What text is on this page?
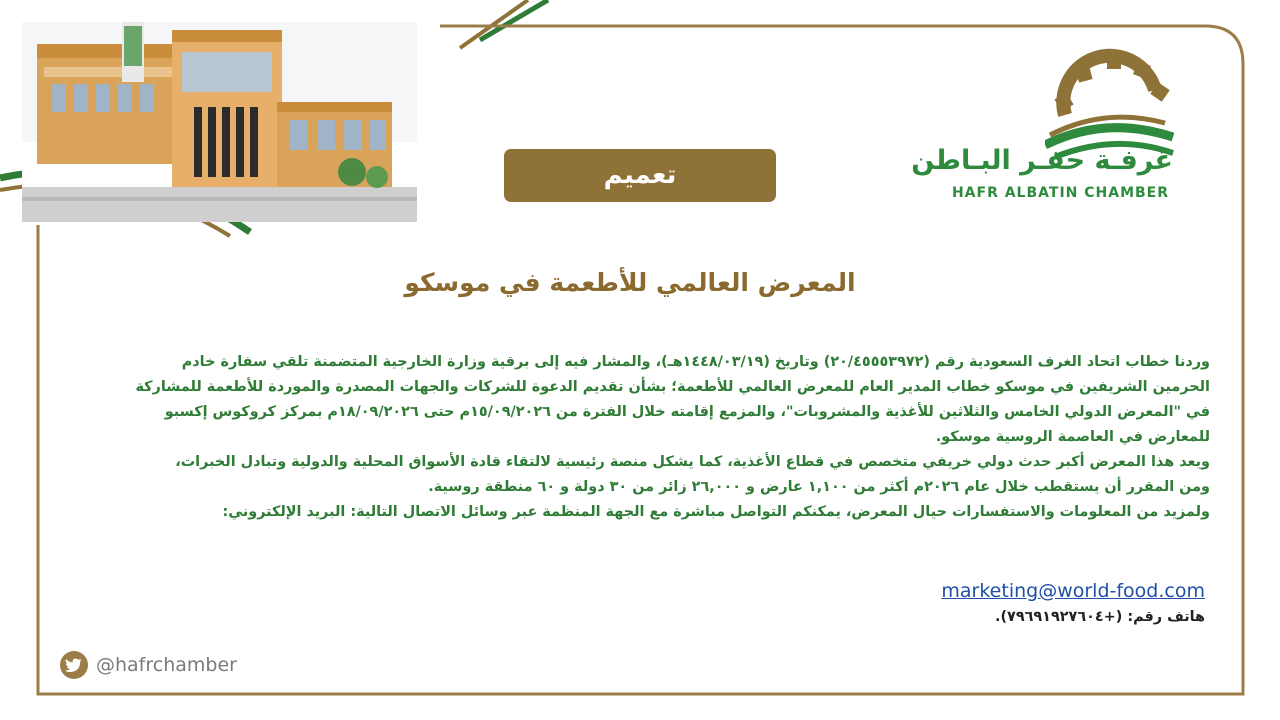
غرفـة حفـر البـاطن
HAFR ALBATIN CHAMBER
تعميم
المعرض العالمي للأطعمة في موسكو
وردنا خطاب اتحاد الغرف السعودية رقم (٢٠/٤٥٥٥٣٩٧٢) وتاريخ (١٤٤٨/٠٣/١٩هـ)، والمشار فيه إلى برقية وزارة الخارجية المتضمنة تلقي سفارة خادم
الحرمين الشريفين في موسكو خطاب المدير العام للمعرض العالمي للأطعمة؛ بشأن تقديم الدعوة للشركات والجهات المصدرة والموردة للأطعمة للمشاركة
في "المعرض الدولي الخامس والثلاثين للأغذية والمشروبات"، والمزمع إقامته خلال الفترة من ١٥/٠٩/٢٠٢٦م حتى ١٨/٠٩/٢٠٢٦م بمركز كروكوس إكسبو
للمعارض في العاصمة الروسية موسكو.
ويعد هذا المعرض أكبر حدث دولي خريفي متخصص في قطاع الأغذية، كما يشكل منصة رئيسية لالتقاء قادة الأسواق المحلية والدولية وتبادل الخبرات،
ومن المقرر أن يستقطب خلال عام ٢٠٢٦م أكثر من ١,١٠٠ عارض و ٢٦,٠٠٠ زائر من ٣٠ دولة و ٦٠ منطقة روسية.
ولمزيد من المعلومات والاستفسارات حيال المعرض، يمكنكم التواصل مباشرة مع الجهة المنظمة عبر وسائل الاتصال التالية: البريد الإلكتروني:
marketing@world-food.com
هاتف رقم: (+٧٩٦٩١٩٢٧٦٠٤).
@hafrchamber
